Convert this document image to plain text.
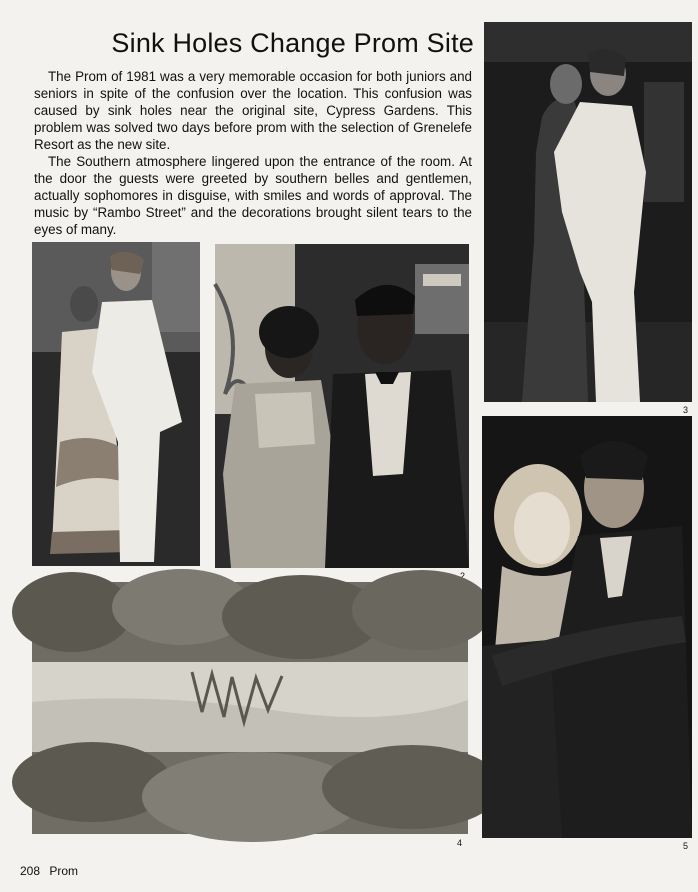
Sink Holes Change Prom Site

The Prom of 1981 was a very memorable occasion for both juniors and seniors in spite of the confusion over the location. This confusion was caused by sink holes near the original site, Cypress Gardens. This problem was solved two days before prom with the selection of Grenelefe Resort as the new site.

The Southern atmosphere lingered upon the entrance of the room. At the door the guests were greeted by southern belles and gentlemen, actually sophomores in disguise, with smiles and words of approval. The music by “Rambo Street” and the decorations brought silent tears to the eyes of many.

3
2
4	5
208 Prom
